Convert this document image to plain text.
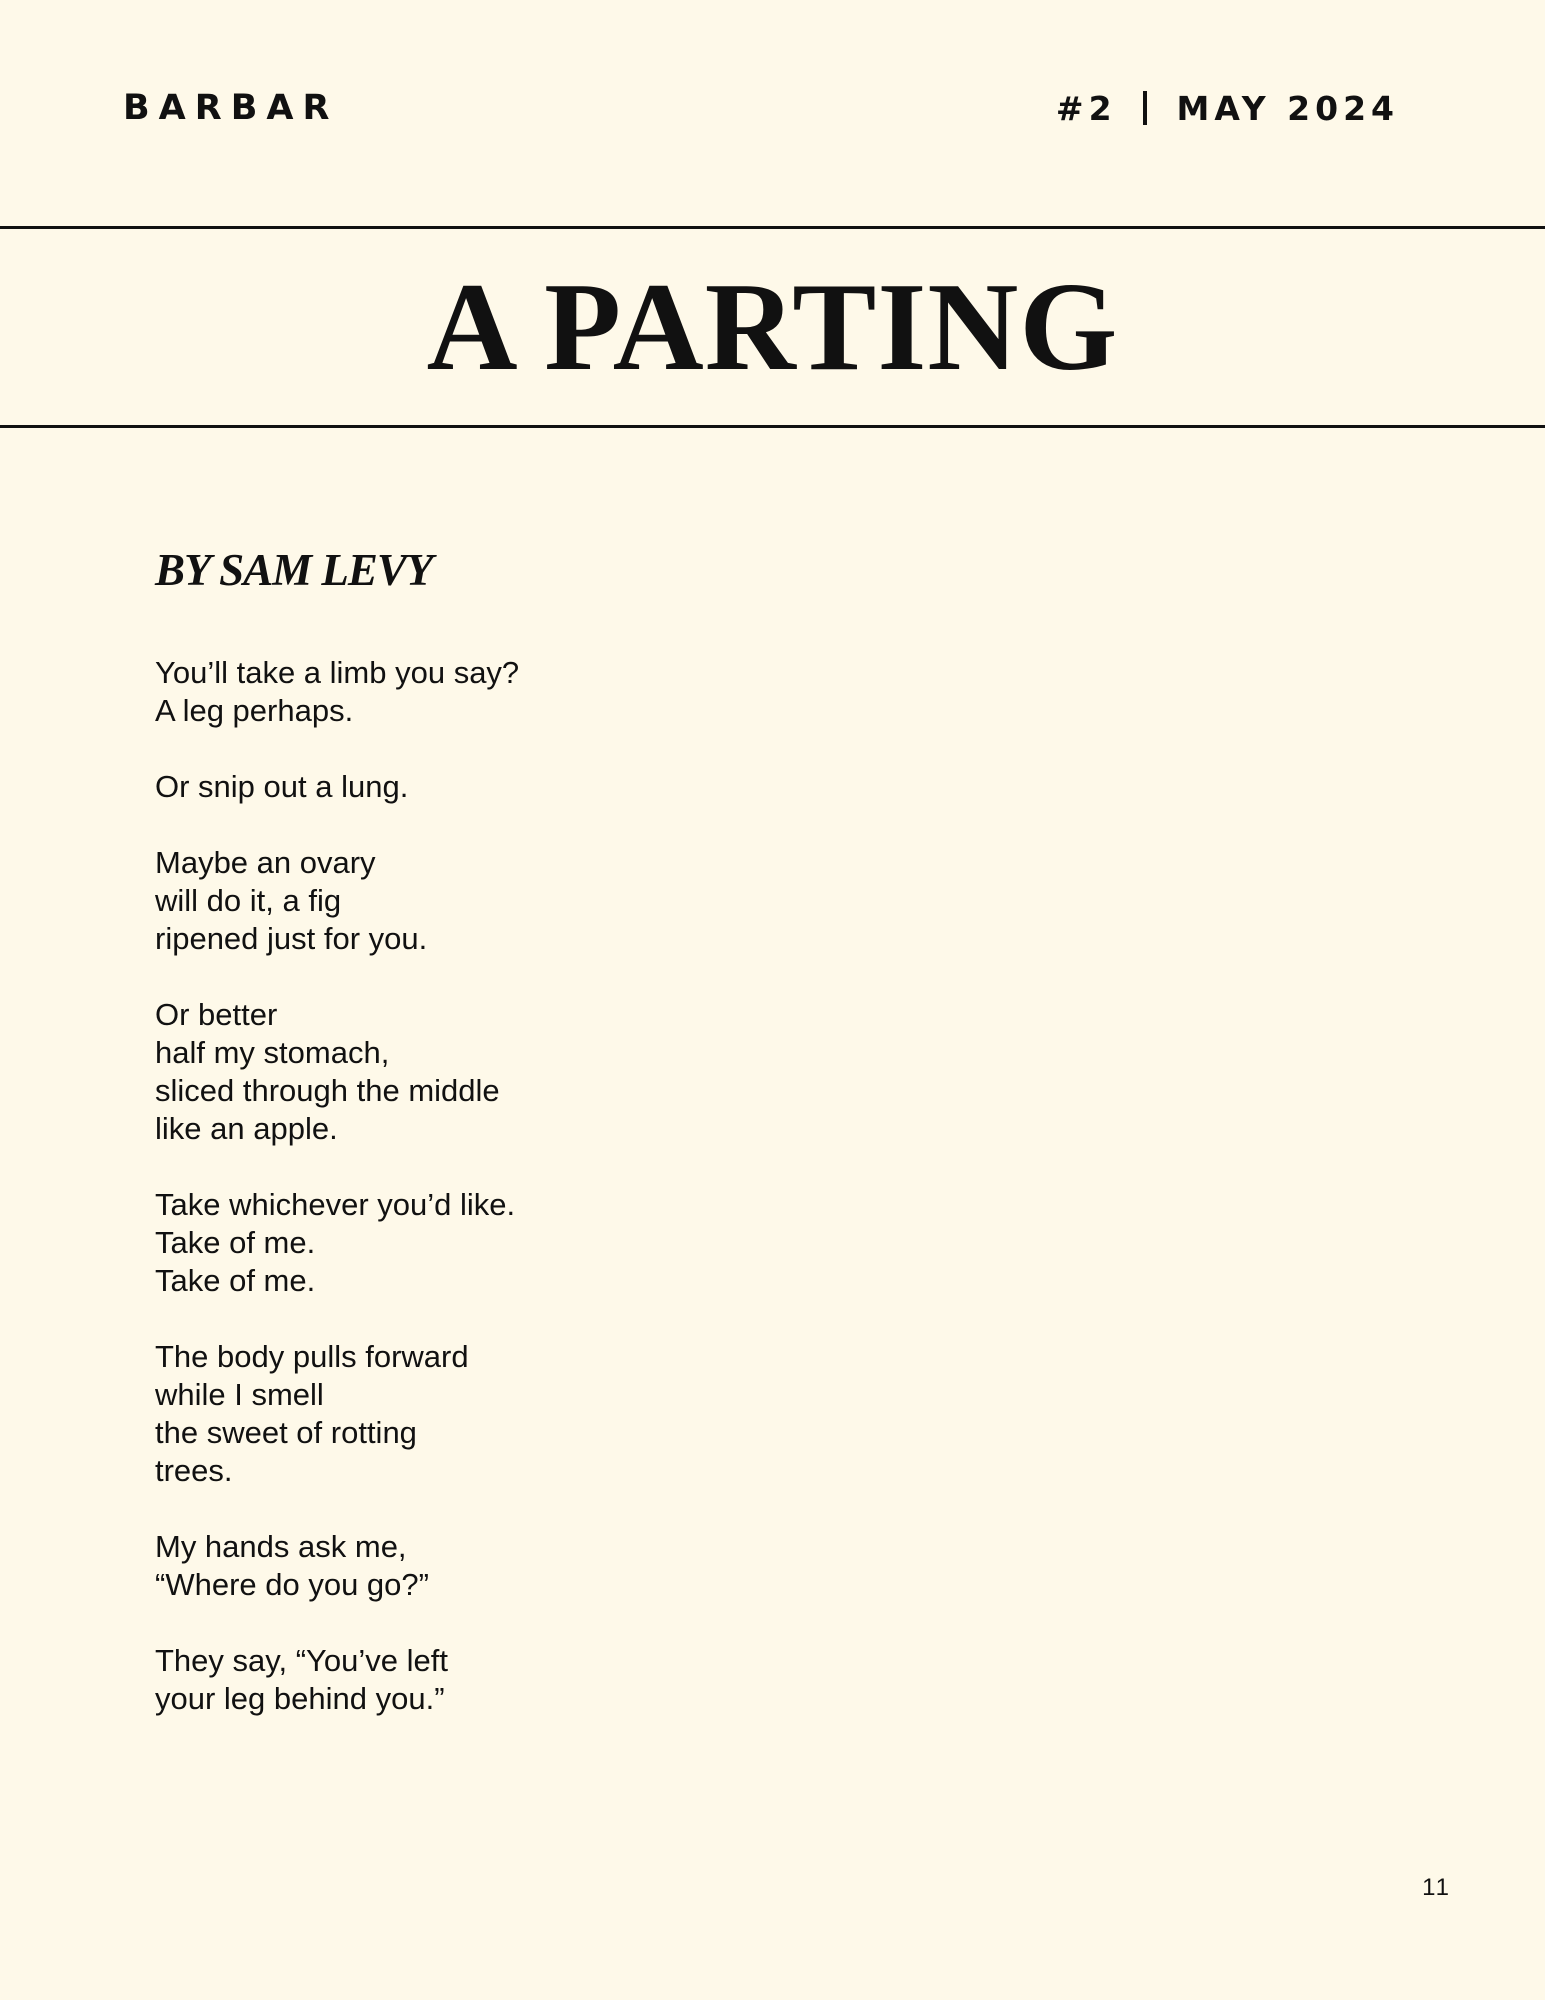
BARBAR	#2 MAY 2024
A PARTING
BY SAM LEVY

You’ll take a limb you say?
A leg perhaps.

Or snip out a lung.

Maybe an ovary
will do it, a fig
ripened just for you.

Or better
half my stomach,
sliced through the middle
like an apple.

Take whichever you’d like.
Take of me.
Take of me.

The body pulls forward
while I smell
the sweet of rotting
trees.

My hands ask me,
“Where do you go?”

They say, “You’ve left
your leg behind you.”

11
